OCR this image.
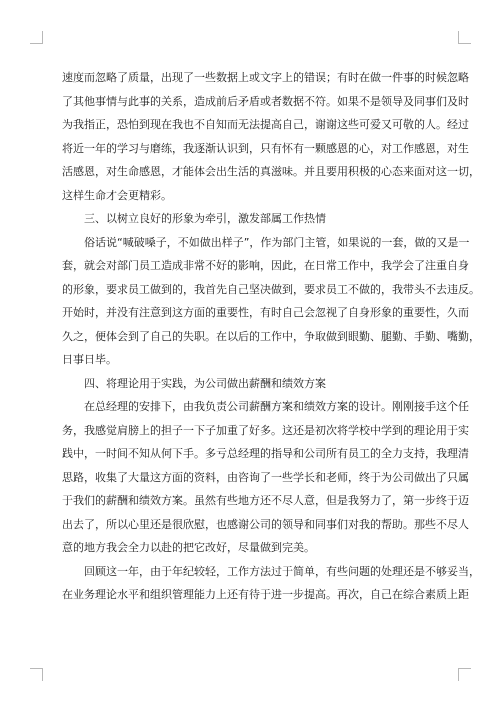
速度而忽略了质量，出现了一些数据上或文字上的错误；有时在做一件事的时候忽略
了其他事情与此事的关系，造成前后矛盾或者数据不符。如果不是领导及同事们及时
为我指正，恐怕到现在我也不自知而无法提高自己，谢谢这些可爱又可敬的人。经过
将近一年的学习与磨练，我逐渐认识到，只有怀有一颗感恩的心，对工作感恩，对生
活感恩，对生命感恩，才能体会出生活的真滋味。并且要用积极的心态来面对这一切，
这样生命才会更精彩。
三、以树立良好的形象为牵引，激发部属工作热情
俗话说“喊破嗓子，不如做出样子”，作为部门主管，如果说的一套，做的又是一
套，就会对部门员工造成非常不好的影响，因此，在日常工作中，我学会了注重自身
的形象，要求员工做到的，我首先自己坚决做到，要求员工不做的，我带头不去违反。
开始时，并没有注意到这方面的重要性，有时自己会忽视了自身形象的重要性，久而
久之，便体会到了自己的失职。在以后的工作中，争取做到眼勤、腿勤、手勤、嘴勤，
日事日毕。
四、将理论用于实践，为公司做出薪酬和绩效方案
在总经理的安排下，由我负责公司薪酬方案和绩效方案的设计。刚刚接手这个任
务，我感觉肩膀上的担子一下子加重了好多。这还是初次将学校中学到的理论用于实
践中，一时间不知从何下手。多亏总经理的指导和公司所有员工的全力支持，我理清
思路，收集了大量这方面的资料，由咨询了一些学长和老师，终于为公司做出了只属
于我们的薪酬和绩效方案。虽然有些地方还不尽人意，但是我努力了，第一步终于迈
出去了，所以心里还是很欣慰，也感谢公司的领导和同事们对我的帮助。那些不尽人
意的地方我会全力以赴的把它改好，尽量做到完美。
回顾这一年，由于年纪较轻，工作方法过于简单，有些问题的处理还是不够妥当，
在业务理论水平和组织管理能力上还有待于进一步提高。再次，自己在综合素质上距
